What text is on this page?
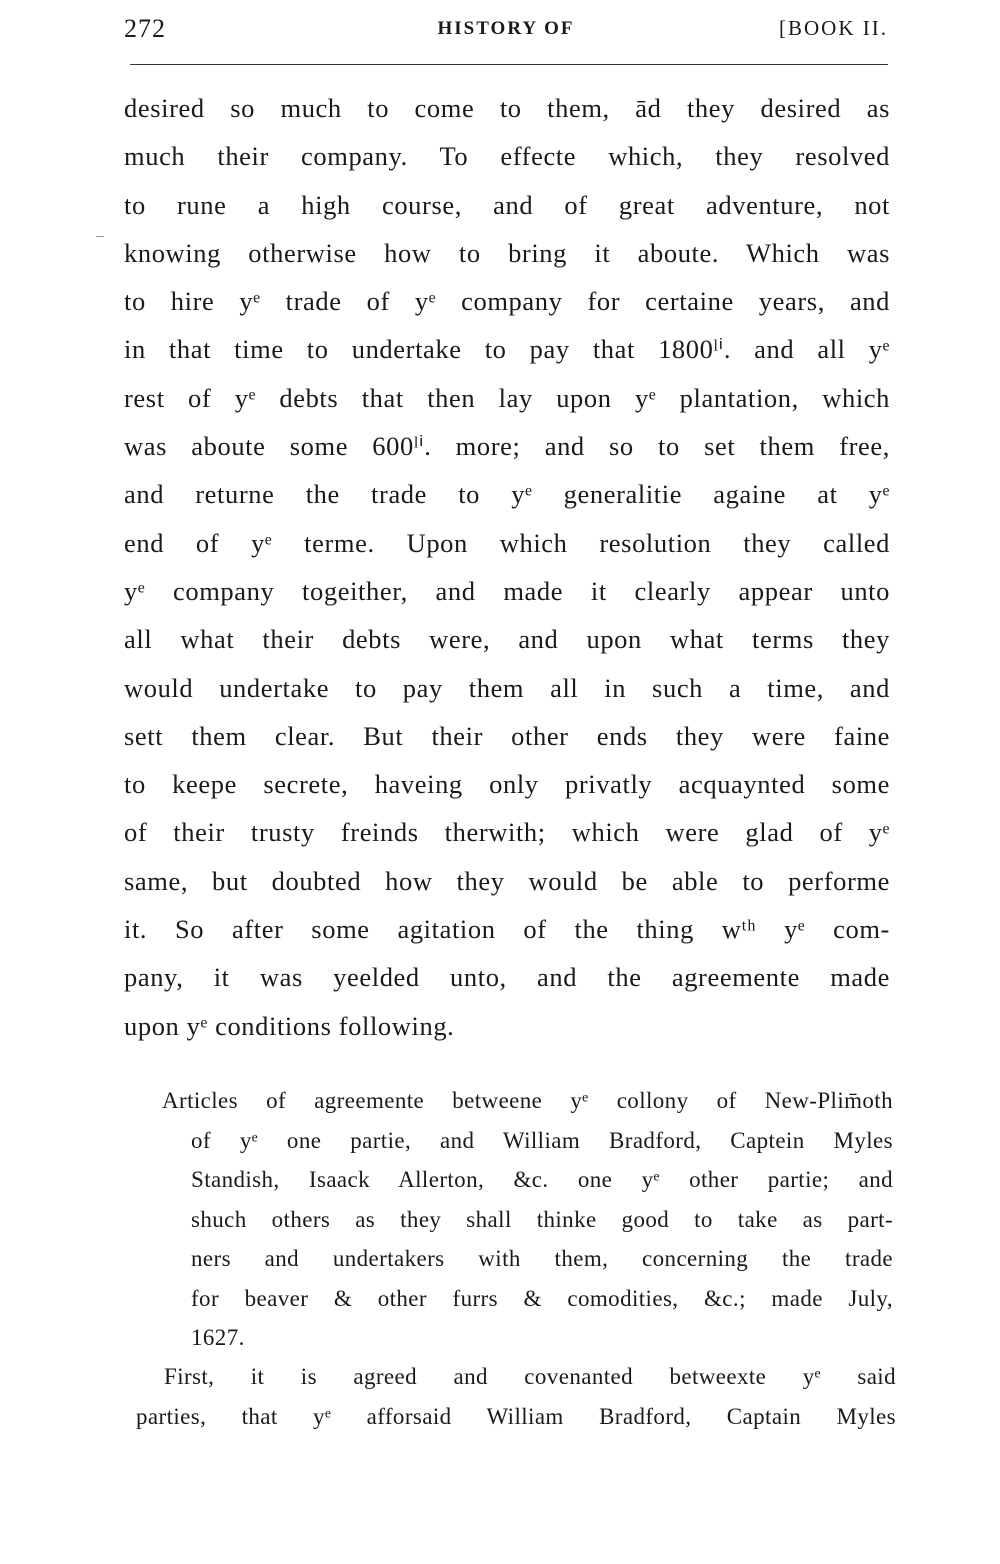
272	HISTORY OF	[BOOK II.
desired so much to come to them, ād they desired as
much their company. To effecte which, they resolved
to rune a high course, and of great adventure, not
knowing otherwise how to bring it aboute. Which was
to hire yᵉ trade of yᵉ company for certaine years, and
in that time to undertake to pay that 1800ˡⁱ. and all yᵉ
rest of yᵉ debts that then lay upon yᵉ plantation, which
was aboute some 600ˡⁱ. more; and so to set them free,
and returne the trade to yᵉ generalitie againe at yᵉ
end of yᵉ terme. Upon which resolution they called
yᵉ company togeither, and made it clearly appear unto
all what their debts were, and upon what terms they
would undertake to pay them all in such a time, and
sett them clear. But their other ends they were faine
to keepe secrete, haveing only privatly acquaynted some
of their trusty freinds therwith; which were glad of yᵉ
same, but doubted how they would be able to performe
it. So after some agitation of the thing wᵗʰ yᵉ com-
pany, it was yeelded unto, and the agreemente made
upon yᵉ conditions following.
Articles of agreemente betweene yᵉ collony of New-Plim̄oth
of yᵉ one partie, and William Bradford, Captein Myles
Standish, Isaack Allerton, &c. one yᵉ other partie; and
shuch others as they shall thinke good to take as part-
ners and undertakers with them, concerning the trade
for beaver & other furrs & comodities, &c.; made July,
1627.
First, it is agreed and covenanted betweexte yᵉ said
parties, that yᵉ afforsaid William Bradford, Captain Myles
